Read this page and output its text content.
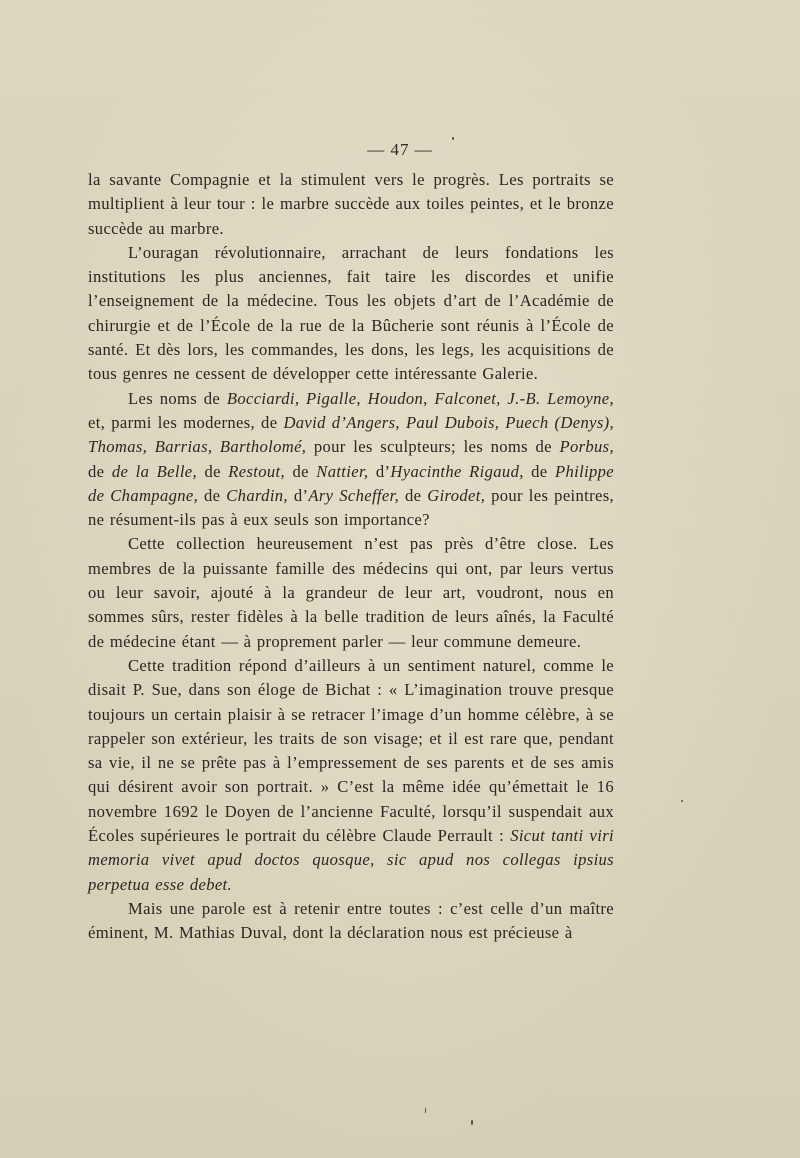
— 47 —

la savante Compagnie et la stimulent vers le progrès. Les portraits se multiplient à leur tour : le marbre succède aux toiles peintes, et le bronze succède au marbre.

L’ouragan révolutionnaire, arrachant de leurs fondations les institutions les plus anciennes, fait taire les discordes et unifie l’enseignement de la médecine. Tous les objets d’art de l’Académie de chirurgie et de l’École de la rue de la Bûcherie sont réunis à l’École de santé. Et dès lors, les commandes, les dons, les legs, les acquisitions de tous genres ne cessent de développer cette intéressante Galerie.

Les noms de Bocciardi, Pigalle, Houdon, Falconet, J.-B. Lemoyne, et, parmi les modernes, de David d’Angers, Paul Dubois, Puech (Denys), Thomas, Barrias, Bartholomé, pour les sculpteurs; les noms de Porbus, de de la Belle, de Restout, de Nattier, d’Hyacinthe Rigaud, de Philippe de Champagne, de Chardin, d’Ary Scheffer, de Girodet, pour les peintres, ne résument-ils pas à eux seuls son importance?

Cette collection heureusement n’est pas près d’être close. Les membres de la puissante famille des médecins qui ont, par leurs vertus ou leur savoir, ajouté à la grandeur de leur art, voudront, nous en sommes sûrs, rester fidèles à la belle tradition de leurs aînés, la Faculté de médecine étant — à proprement parler — leur commune demeure.

Cette tradition répond d’ailleurs à un sentiment naturel, comme le disait P. Sue, dans son éloge de Bichat : « L’imagination trouve presque toujours un certain plaisir à se retracer l’image d’un homme célèbre, à se rappeler son extérieur, les traits de son visage; et il est rare que, pendant sa vie, il ne se prête pas à l’empressement de ses parents et de ses amis qui désirent avoir son portrait. » C’est la même idée qu’émettait le 16 novembre 1692 le Doyen de l’ancienne Faculté, lorsqu’il suspendait aux Écoles supérieures le portrait du célèbre Claude Perrault : Sicut tanti viri memoria vivet apud doctos quosque, sic apud nos collegas ipsius perpetua esse debet.

Mais une parole est à retenir entre toutes : c’est celle d’un maître éminent, M. Mathias Duval, dont la déclaration nous est précieuse à
